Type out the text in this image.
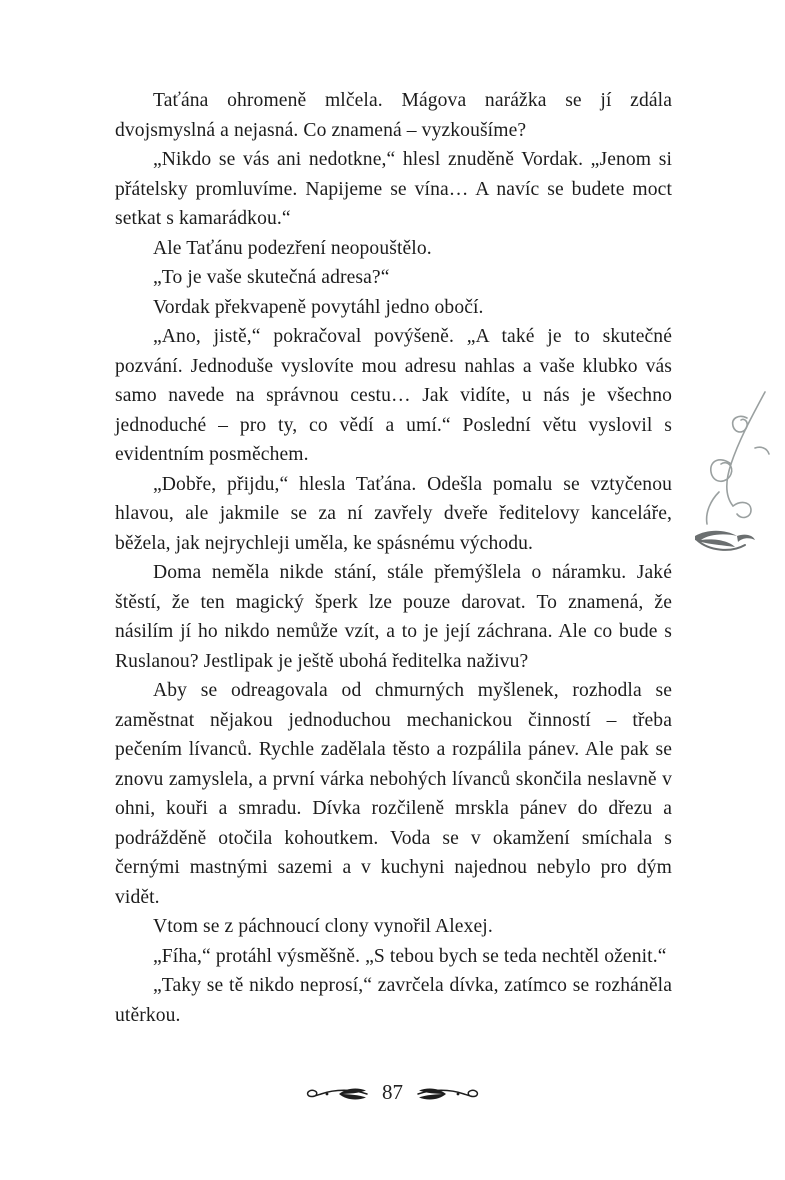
Taťána ohromeně mlčela. Mágova narážka se jí zdála dvojsmyslná a nejasná. Co znamená – vyzkoušíme?

„Nikdo se vás ani nedotkne,“ hlesl znuděně Vordak. „Jenom si přátelsky promluvíme. Napijeme se vína… A navíc se budete moct setkat s kamarádkou.“

Ale Taťánu podezření neopouštělo.

„To je vaše skutečná adresa?“

Vordak překvapeně povytáhl jedno obočí.

„Ano, jistě,“ pokračoval povýšeně. „A také je to skutečné pozvání. Jednoduše vyslovíte mou adresu nahlas a vaše klubko vás samo navede na správnou cestu… Jak vidíte, u nás je všechno jednoduché – pro ty, co vědí a umí.“ Poslední větu vyslovil s evidentním posměchem.

„Dobře, přijdu,“ hlesla Taťána. Odešla pomalu se vztyčenou hlavou, ale jakmile se za ní zavřely dveře ředitelovy kanceláře, běžela, jak nejrychleji uměla, ke spásnému východu.

Doma neměla nikde stání, stále přemýšlela o náramku. Jaké štěstí, že ten magický šperk lze pouze darovat. To znamená, že násilím jí ho nikdo nemůže vzít, a to je její záchrana. Ale co bude s Ruslanou? Jestlipak je ještě ubohá ředitelka naživu?

Aby se odreagovala od chmurných myšlenek, rozhodla se zaměstnat nějakou jednoduchou mechanickou činností – třeba pečením lívanců. Rychle zadělala těsto a rozpálila pánev. Ale pak se znovu zamyslela, a první várka nebohých lívanců skončila neslavně v ohni, kouři a smradu. Dívka rozčileně mrskla pánev do dřezu a podrážděně otočila kohoutkem. Voda se v okamžení smíchala s černými mastnými sazemi a v kuchyni najednou nebylo pro dým vidět.

Vtom se z páchnoucí clony vynořil Alexej.

„Fíha,“ protáhl výsměšně. „S tebou bych se teda nechtěl oženit.“

„Taky se tě nikdo neprosí,“ zavrčela dívka, zatímco se rozháněla utěrkou.

87
